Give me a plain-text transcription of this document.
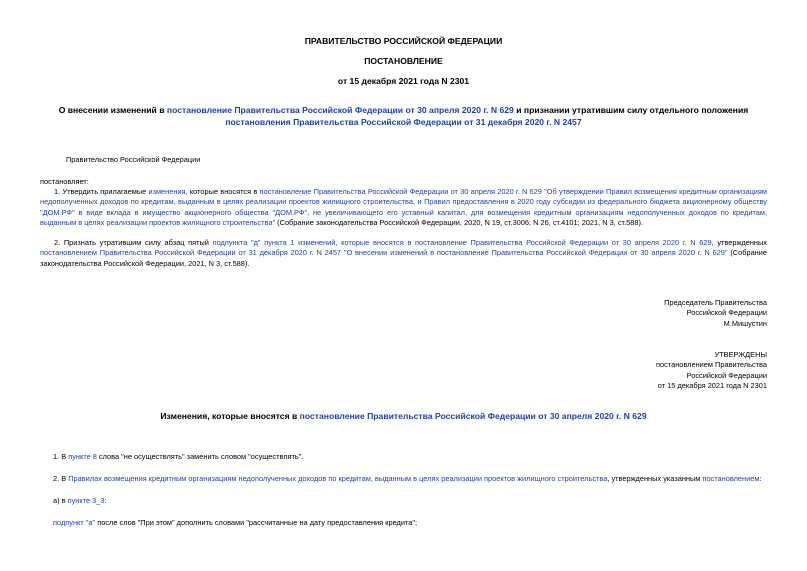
ПРАВИТЕЛЬСТВО РОССИЙСКОЙ ФЕДЕРАЦИИ
ПОСТАНОВЛЕНИЕ
от 15 декабря 2021 года N 2301
О внесении изменений в постановление Правительства Российской Федерации от 30 апреля 2020 г. N 629 и признании утратившим силу отдельного положения
постановления Правительства Российской Федерации от 31 декабря 2020 г. N 2457
Правительство Российской Федерации
постановляет:
1. Утвердить прилагаемые изменения, которые вносятся в постановление Правительства Российской Федерации от 30 апреля 2020 г. N 629 "Об утверждении Правил возмещения кредитным организациям недополученных доходов по кредитам, выданным в целях реализации проектов жилищного строительства, и Правил предоставления в 2020 году субсидии из федерального бюджета акционерному обществу "ДОМ.РФ" в виде вклада в имущество акционерного общества "ДОМ.РФ", не увеличивающего его уставный капитал, для возмещения кредитным организациям недополученных доходов по кредитам, выданным в целях реализации проектов жилищного строительства" (Собрание законодательства Российской Федерации, 2020, N 19, ст.3006; N 26, ст.4101; 2021, N 3, ст.588).
2. Признать утратившим силу абзац пятый подпункта "д" пункта 1 изменений, которые вносятся в постановление Правительства Российской Федерации от 30 апреля 2020 г. N 629, утвержденных постановлением Правительства Российской Федерации от 31 декабря 2020 г. N 2457 "О внесении изменений в постановление Правительства Российской Федерации от 30 апреля 2020 г. N 629" (Собрание законодательства Российской Федерации, 2021, N 3, ст.588).
Председатель Правительства
Российской Федерации
М.Мишустин
УТВЕРЖДЕНЫ
постановлением Правительства
Российской Федерации
от 15 декабря 2021 года N 2301
Изменения, которые вносятся в постановление Правительства Российской Федерации от 30 апреля 2020 г. N 629
1. В пункте 8 слова "не осуществлять" заменить словом "осуществлять".
2. В Правилах возмещения кредитным организациям недополученных доходов по кредитам, выданным в целях реализации проектов жилищного строительства, утвержденных указанным постановлением:
а) в пункте 3_3:
подпункт "а" после слов "При этом" дополнить словами "рассчитанные на дату предоставления кредита";
